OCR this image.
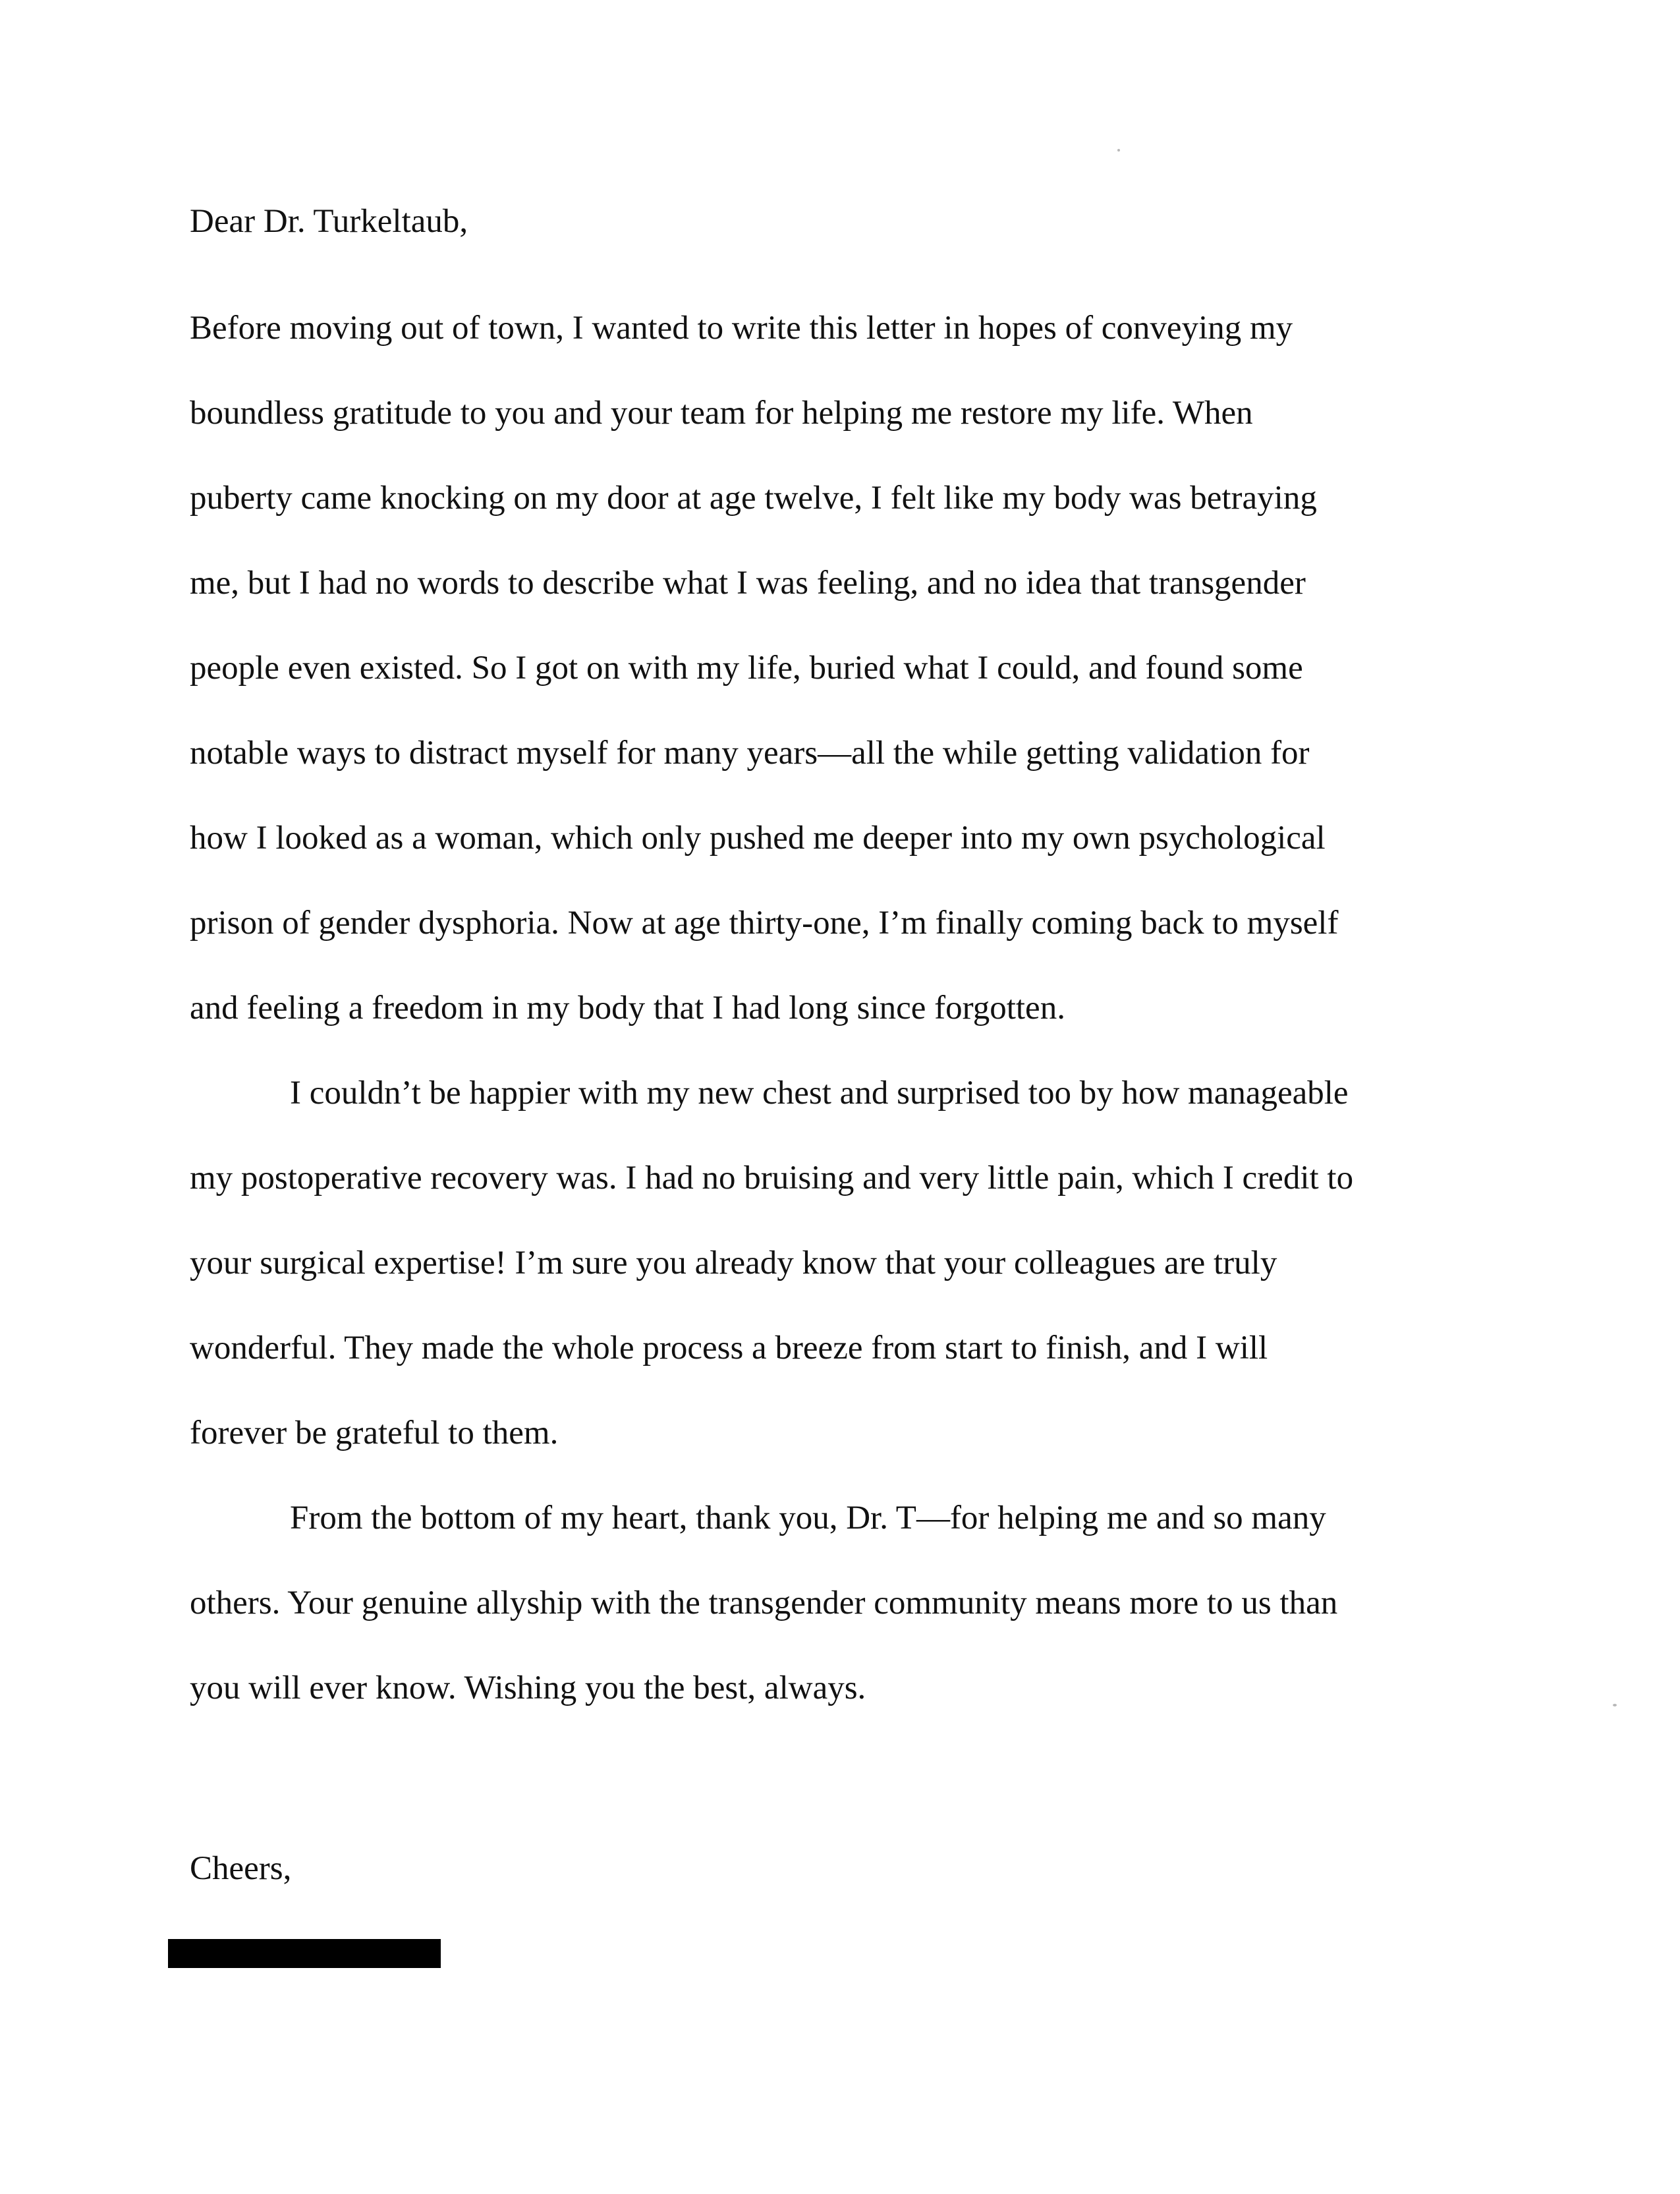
Dear Dr. Turkeltaub,
Before moving out of town, I wanted to write this letter in hopes of conveying my
boundless gratitude to you and your team for helping me restore my life. When
puberty came knocking on my door at age twelve, I felt like my body was betraying
me, but I had no words to describe what I was feeling, and no idea that transgender
people even existed. So I got on with my life, buried what I could, and found some
notable ways to distract myself for many years—all the while getting validation for
how I looked as a woman, which only pushed me deeper into my own psychological
prison of gender dysphoria. Now at age thirty-one, I’m finally coming back to myself
and feeling a freedom in my body that I had long since forgotten.
I couldn’t be happier with my new chest and surprised too by how manageable
my postoperative recovery was. I had no bruising and very little pain, which I credit to
your surgical expertise! I’m sure you already know that your colleagues are truly
wonderful. They made the whole process a breeze from start to finish, and I will
forever be grateful to them.
From the bottom of my heart, thank you, Dr. T—for helping me and so many
others. Your genuine allyship with the transgender community means more to us than
you will ever know. Wishing you the best, always.
Cheers,
